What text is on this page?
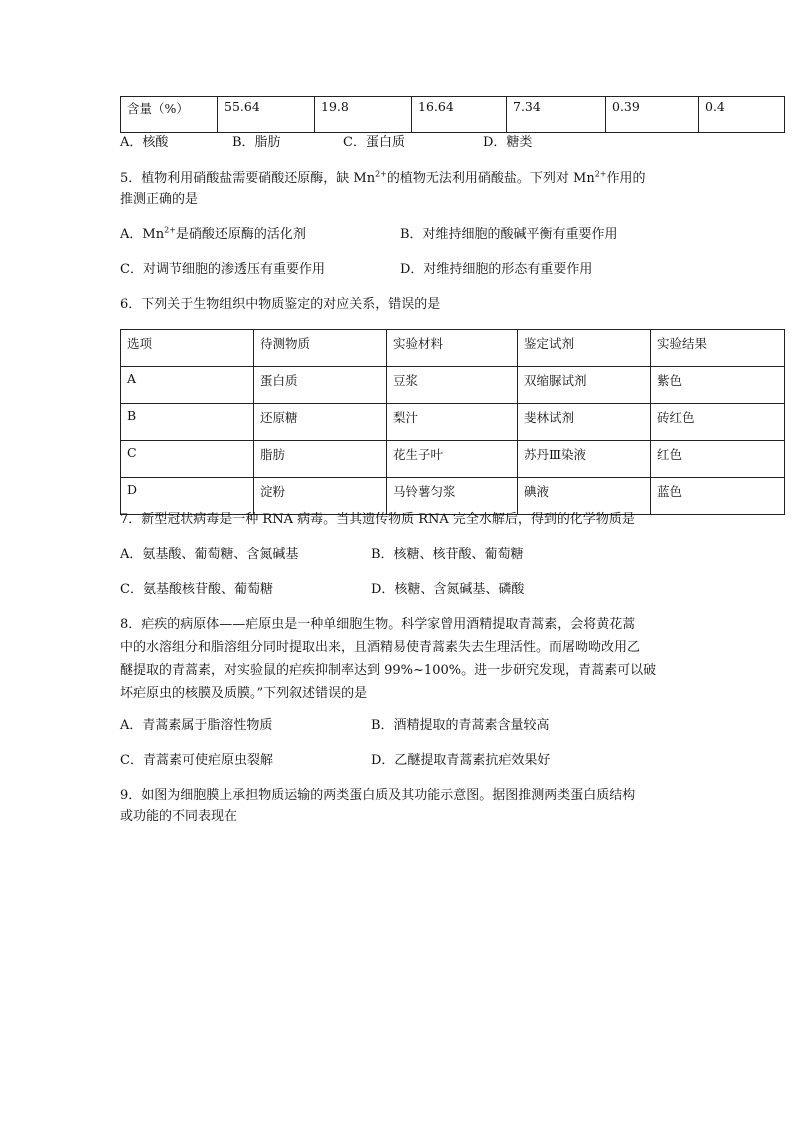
含量（%）	55.64	19.8	16.64	7.34	0.39	0.4
A．核酸	B．脂肪	C．蛋白质	D．糖类
5．植物利用硝酸盐需要硝酸还原酶，缺 $Mn^{2+}$的植物无法利用硝酸盐。下列对 $Mn^{2+}$作用的
推测正确的是
A．$Mn^{2+}$是硝酸还原酶的活化剂	B．对维持细胞的酸碱平衡有重要作用
C．对调节细胞的渗透压有重要作用	D．对维持细胞的形态有重要作用
6．下列关于生物组织中物质鉴定的对应关系，错误的是
选项	待测物质	实验材料	鉴定试剂	实验结果
A	蛋白质	豆浆	双缩脲试剂	紫色
B	还原糖	梨汁	斐林试剂	砖红色
C	脂肪	花生子叶	苏丹Ⅲ染液	红色
D	淀粉	马铃薯匀浆	碘液	蓝色
7．新型冠状病毒是一种 RNA 病毒。当其遗传物质 RNA 完全水解后，得到的化学物质是
A．氨基酸、葡萄糖、含氮碱基	B．核糖、核苷酸、葡萄糖
C．氨基酸核苷酸、葡萄糖	D．核糖、含氮碱基、磷酸
8．疟疾的病原体——疟原虫是一种单细胞生物。科学家曾用酒精提取青蒿素，会将黄花蒿
中的水溶组分和脂溶组分同时提取出来，且酒精易使青蒿素失去生理活性。而屠呦呦改用乙
醚提取的青蒿素，对实验鼠的疟疾抑制率达到 99%~100%。进一步研究发现，青蒿素可以破
坏疟原虫的核膜及质膜。”下列叙述错误的是
A．青蒿素属于脂溶性物质	B．酒精提取的青蒿素含量较高
C．青蒿素可使疟原虫裂解	D．乙醚提取青蒿素抗疟效果好
9．如图为细胞膜上承担物质运输的两类蛋白质及其功能示意图。据图推测两类蛋白质结构
或功能的不同表现在
